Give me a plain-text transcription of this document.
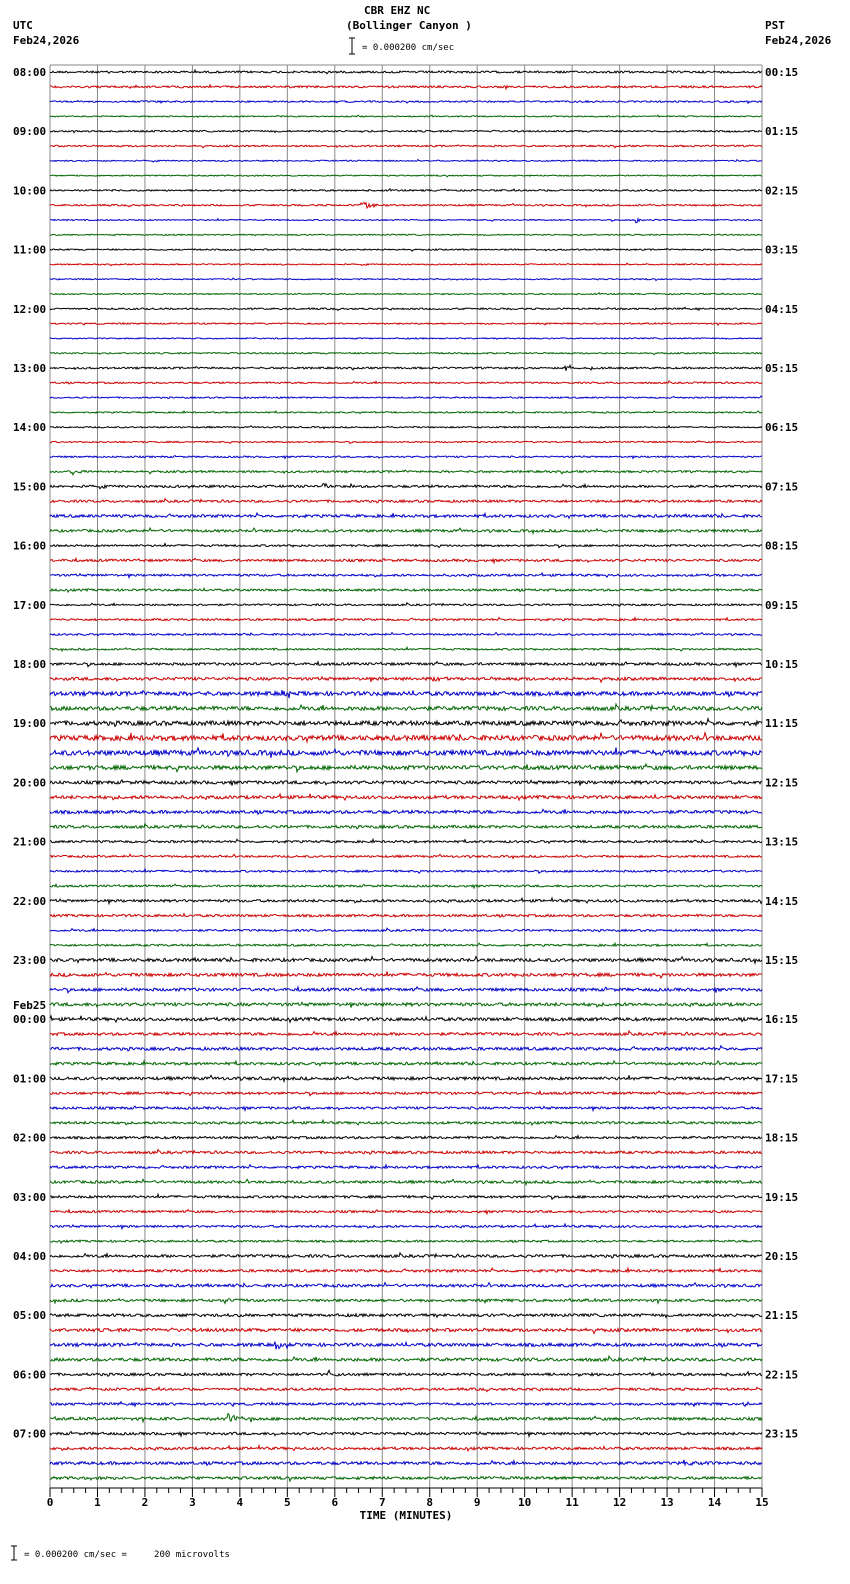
CBR EHZ NC
(Bollinger Canyon )
= 0.000200 cm/sec
UTC
Feb24,2026
PST
Feb24,2026
0	1	2	3	4	5	6	7	8	9	10	11	12	13	14	15
TIME (MINUTES)
08:00
09:00
10:00
11:00
12:00
13:00
14:00
15:00
16:00
17:00
18:00
19:00
20:00
21:00
22:00
23:00
00:00
01:00
02:00
03:00
04:00
05:00
06:00
07:00
00:15
01:15
02:15
03:15
04:15
05:15
06:15
07:15
08:15
09:15
10:15
11:15
12:15
13:15
14:15
15:15
16:15
17:15
18:15
19:15
20:15
21:15
22:15
23:15
Feb25
= 0.000200 cm/sec =     200 microvolts
